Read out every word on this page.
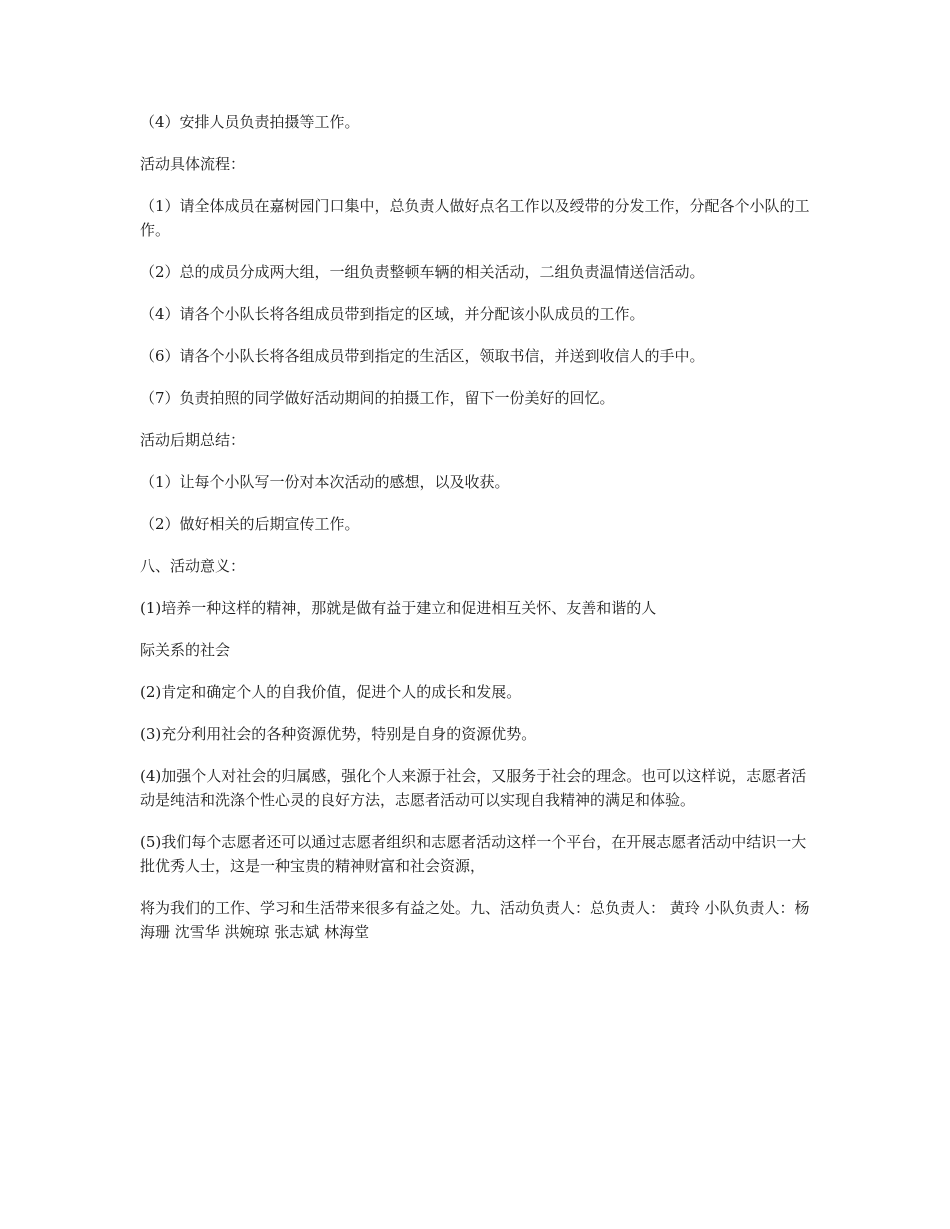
（4）安排人员负责拍摄等工作。

活动具体流程：

（1）请全体成员在嘉树园门口集中，总负责人做好点名工作以及绶带的分发工作，分配各个小队的工作。

（2）总的成员分成两大组，一组负责整顿车辆的相关活动，二组负责温情送信活动。

（4）请各个小队长将各组成员带到指定的区域，并分配该小队成员的工作。

（6）请各个小队长将各组成员带到指定的生活区，领取书信，并送到收信人的手中。

（7）负责拍照的同学做好活动期间的拍摄工作，留下一份美好的回忆。

活动后期总结：

（1）让每个小队写一份对本次活动的感想，以及收获。

（2）做好相关的后期宣传工作。

八、活动意义：

(1)培养一种这样的精神，那就是做有益于建立和促进相互关怀、友善和谐的人

际关系的社会

(2)肯定和确定个人的自我价值，促进个人的成长和发展。

(3)充分利用社会的各种资源优势，特别是自身的资源优势。

(4)加强个人对社会的归属感，强化个人来源于社会，又服务于社会的理念。也可以这样说，志愿者活动是纯洁和洗涤个性心灵的良好方法，志愿者活动可以实现自我精神的满足和体验。

(5)我们每个志愿者还可以通过志愿者组织和志愿者活动这样一个平台，在开展志愿者活动中结识一大批优秀人士，这是一种宝贵的精神财富和社会资源，

将为我们的工作、学习和生活带来很多有益之处。九、活动负责人：总负责人： 黄玲 小队负责人：杨海珊 沈雪华 洪婉琼 张志斌 林海堂
